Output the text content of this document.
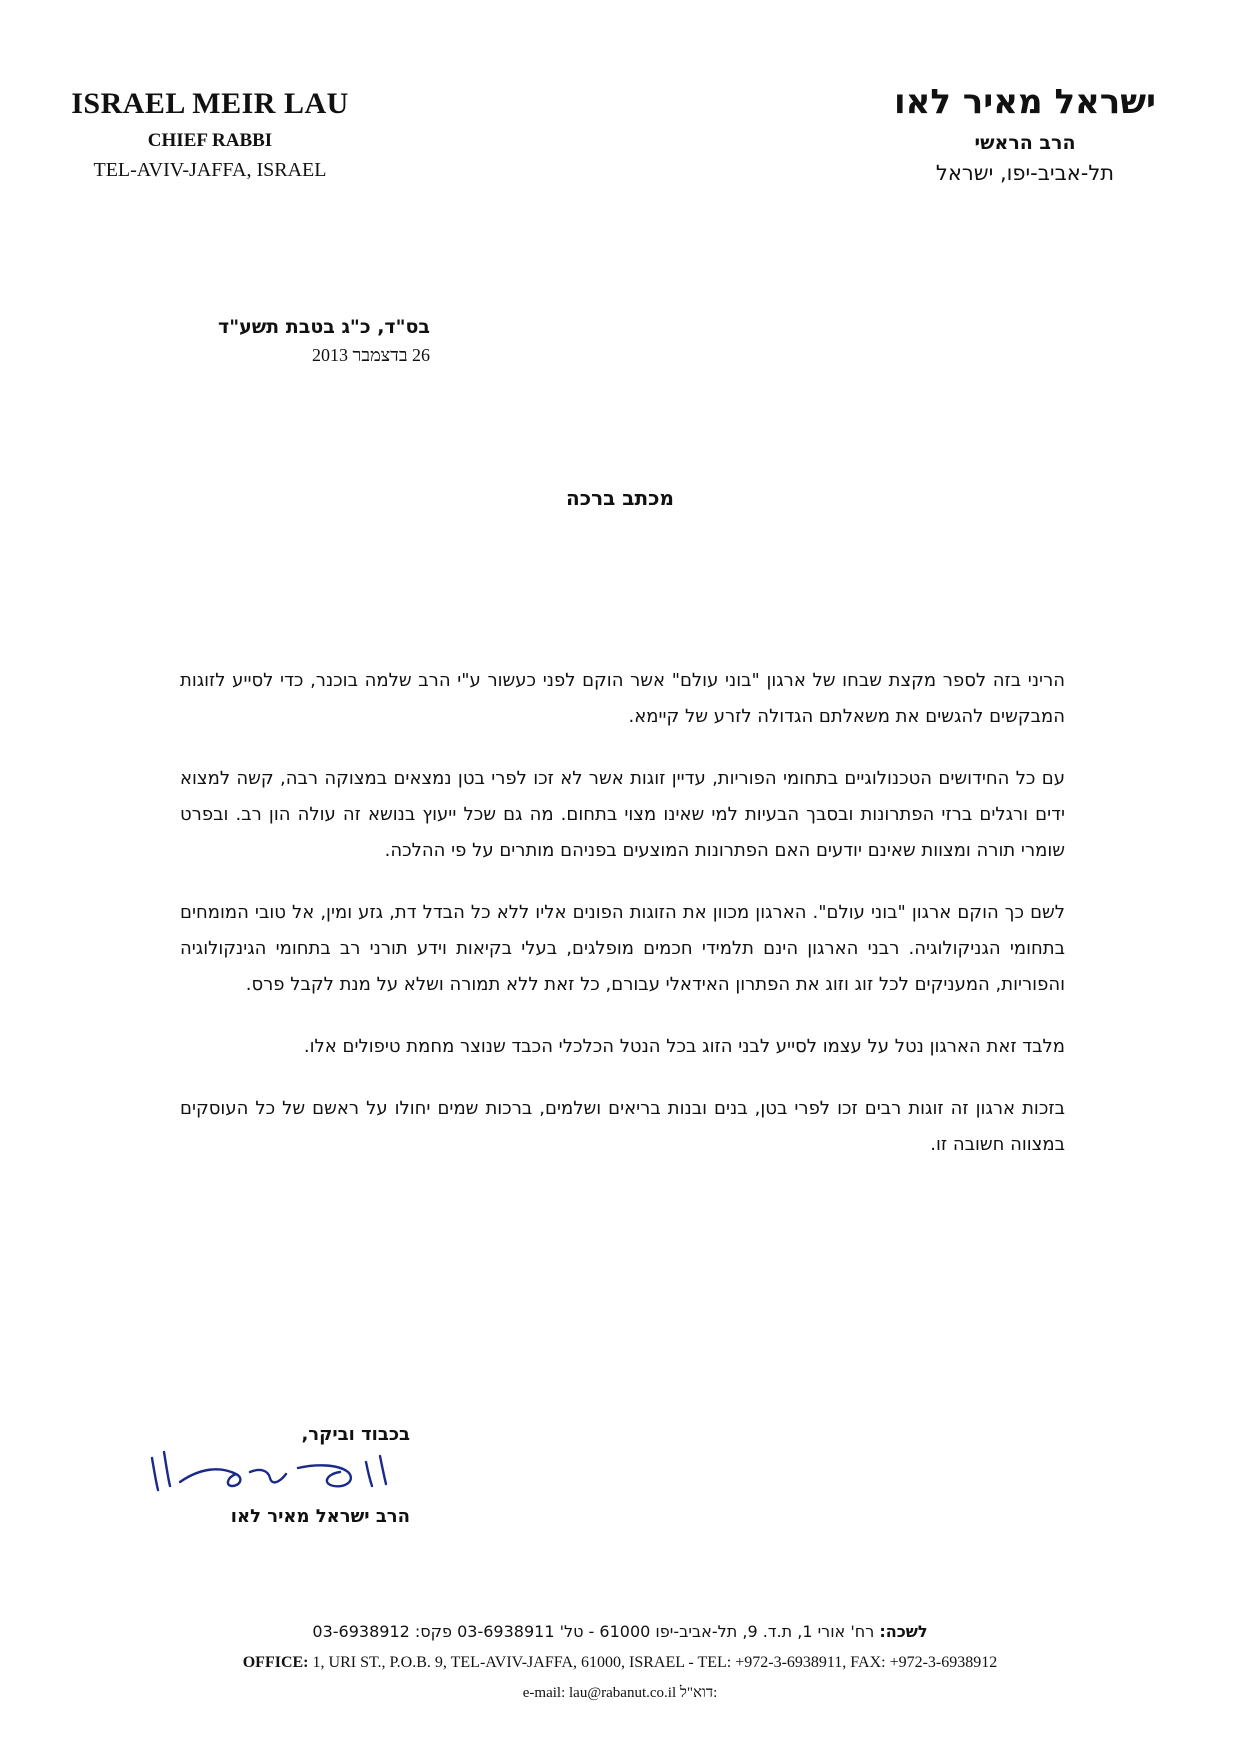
ISRAEL MEIR LAU
CHIEF RABBI
TEL-AVIV-JAFFA, ISRAEL
ישראל מאיר לאו
הרב הראשי
תל-אביב-יפו, ישראל
בס"ד, כ"ג בטבת תשע"ד
26 בדצמבר 2013
מכתב ברכה

הריני בזה לספר מקצת שבחו של ארגון "בוני עולם" אשר הוקם לפני כעשור ע"י הרב שלמה בוכנר, כדי לסייע לזוגות המבקשים להגשים את משאלתם הגדולה לזרע של קיימא.

עם כל החידושים הטכנולוגיים בתחומי הפוריות, עדיין זוגות אשר לא זכו לפרי בטן נמצאים במצוקה רבה, קשה למצוא ידים ורגלים ברזי הפתרונות ובסבך הבעיות למי שאינו מצוי בתחום. מה גם שכל ייעוץ בנושא זה עולה הון רב. ובפרט שומרי תורה ומצוות שאינם יודעים האם הפתרונות המוצעים בפניהם מותרים על פי ההלכה.

לשם כך הוקם ארגון "בוני עולם". הארגון מכוון את הזוגות הפונים אליו ללא כל הבדל דת, גזע ומין, אל טובי המומחים בתחומי הגניקולוגיה. רבני הארגון הינם תלמידי חכמים מופלגים, בעלי בקיאות וידע תורני רב בתחומי הגינקולוגיה והפוריות, המעניקים לכל זוג וזוג את הפתרון האידאלי עבורם, כל זאת ללא תמורה ושלא על מנת לקבל פרס.

מלבד זאת הארגון נטל על עצמו לסייע לבני הזוג בכל הנטל הכלכלי הכבד שנוצר מחמת טיפולים אלו.

בזכות ארגון זה זוגות רבים זכו לפרי בטן, בנים ובנות בריאים ושלמים, ברכות שמים יחולו על ראשם של כל העוסקים במצווה חשובה זו.

בכבוד וביקר,
הרב ישראל מאיר לאו
לשכה: רח' אורי 1, ת.ד. 9, תל-אביב-יפו 61000 - טל' 03-6938911 פקס: 03-6938912
OFFICE: 1, URI ST., P.O.B. 9, TEL-AVIV-JAFFA, 61000, ISRAEL - TEL: +972-3-6938911, FAX: +972-3-6938912
e-mail: lau@rabanut.co.il דוא"ל:
